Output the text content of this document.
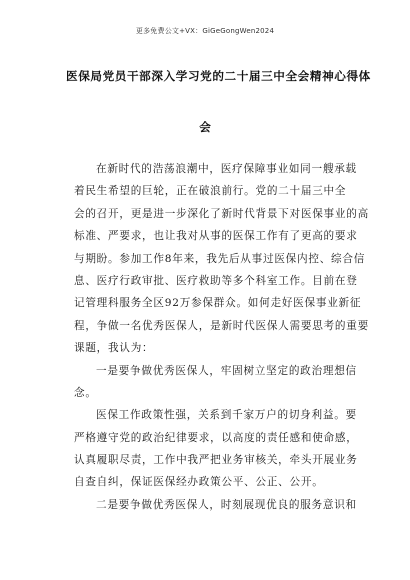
更多免费公文+VX：GiGeGongWen2024
医保局党员干部深入学习党的二十届三中全会精神心得体
会
在新时代的浩荡浪潮中，医疗保障事业如同一艘承载
着民生希望的巨轮，正在破浪前行。党的二十届三中全
会的召开，更是进一步深化了新时代背景下对医保事业的高
标准、严要求，也让我对从事的医保工作有了更高的要求
与期盼。参加工作8年来，我先后从事过医保内控、综合信
息、医疗行政审批、医疗救助等多个科室工作。目前在登
记管理科服务全区92万参保群众。如何走好医保事业新征
程，争做一名优秀医保人，是新时代医保人需要思考的重要
课题，我认为：
一是要争做优秀医保人，牢固树立坚定的政治理想信
念。
医保工作政策性强，关系到千家万户的切身利益。要
严格遵守党的政治纪律要求，以高度的责任感和使命感，
认真履职尽责，工作中我严把业务审核关，牵头开展业务
自查自纠，保证医保经办政策公平、公正、公开。
二是要争做优秀医保人，时刻展现优良的服务意识和
